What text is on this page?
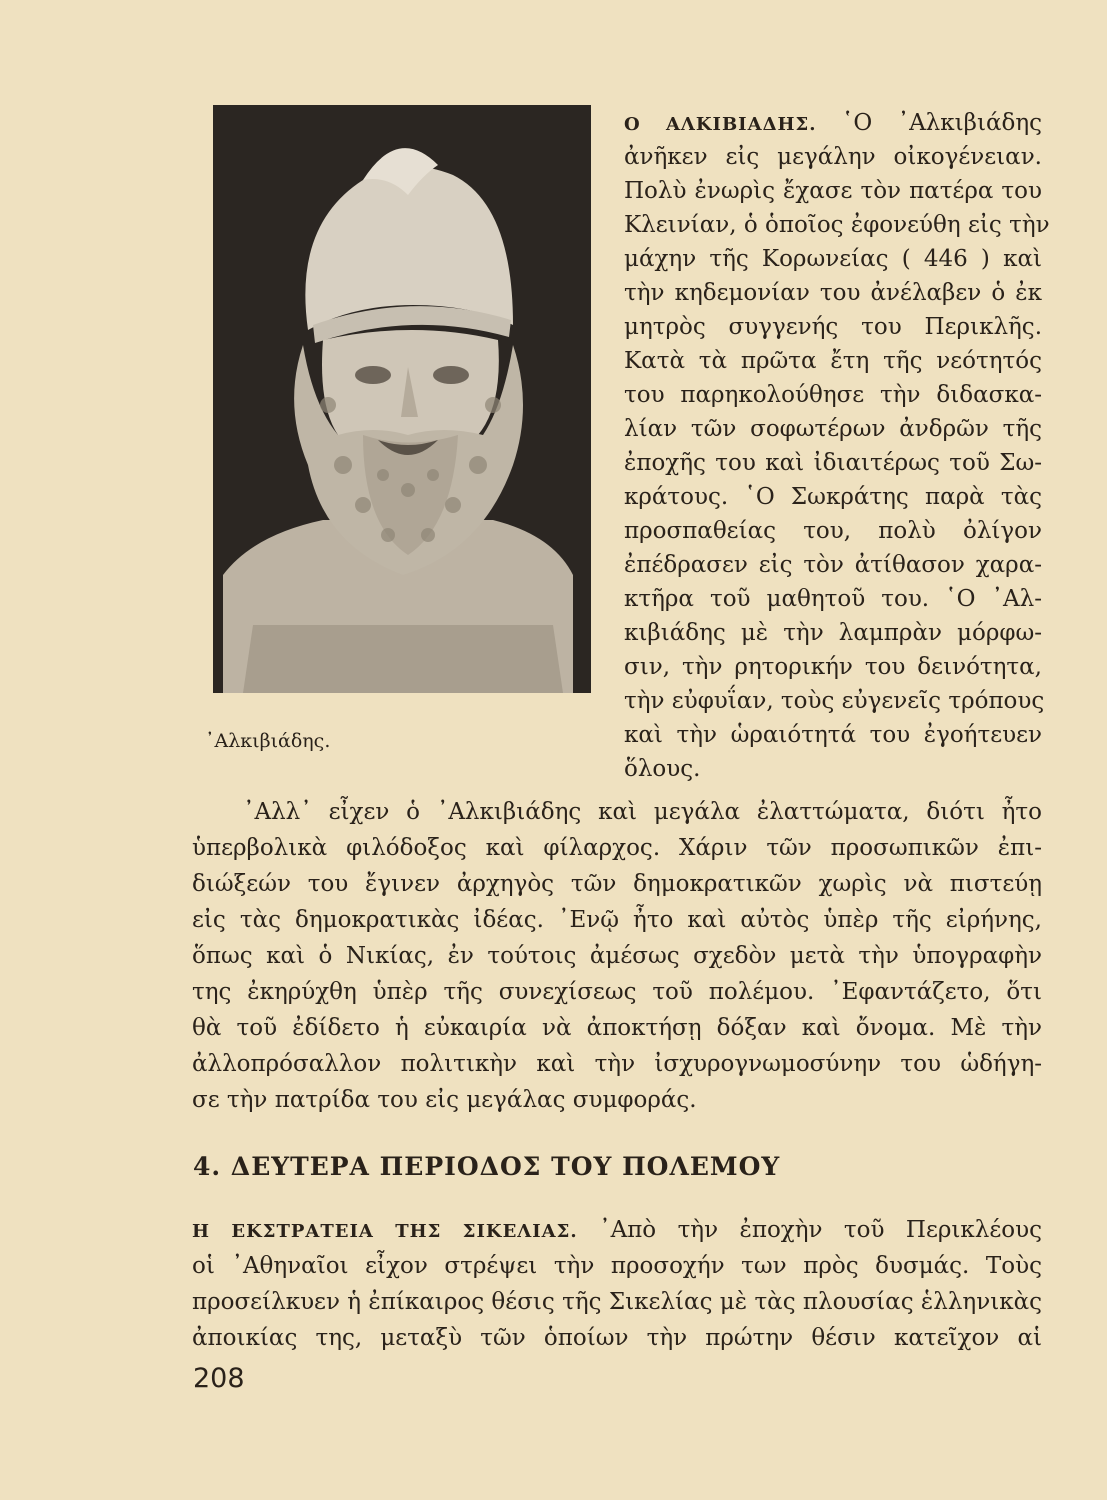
᾿Αλκιβιάδης.
Ο ΑΛΚΙΒΙΑΔΗΣ. ῾Ο ᾿Αλκιβιάδης
ἀνῆκεν εἰς μεγάλην οἰκογένειαν.
Πολὺ ἐνωρὶς ἔχασε τὸν πατέρα του
Κλεινίαν, ὁ ὁποῖος ἐφονεύθη εἰς τὴν
μάχην τῆς Κορωνείας ( 446 ) καὶ
τὴν κηδεμονίαν του ἀνέλαβεν ὁ ἐκ
μητρὸς συγγενής του Περικλῆς.
Κατὰ τὰ πρῶτα ἔτη τῆς νεότητός
του παρηκολούθησε τὴν διδασκα-
λίαν τῶν σοφωτέρων ἀνδρῶν τῆς
ἐποχῆς του καὶ ἰδιαιτέρως τοῦ Σω-
κράτους. ῾Ο Σωκράτης παρὰ τὰς
προσπαθείας του, πολὺ ὀλίγον
ἐπέδρασεν εἰς τὸν ἀτίθασον χαρα-
κτῆρα τοῦ μαθητοῦ του. ῾Ο ᾿Αλ-
κιβιάδης μὲ τὴν λαμπρὰν μόρφω-
σιν, τὴν ρητορικήν του δεινότητα,
τὴν εὐφυΐαν, τοὺς εὐγενεῖς τρόπους
καὶ τὴν ὡραιότητά του ἐγοήτευεν
ὅλους.
᾿Αλλ᾿ εἶχεν ὁ ᾿Αλκιβιάδης καὶ μεγάλα ἐλαττώματα, διότι ἦτο
ὑπερβολικὰ φιλόδοξος καὶ φίλαρχος. Χάριν τῶν προσωπικῶν ἐπι-
διώξεών του ἔγινεν ἀρχηγὸς τῶν δημοκρατικῶν χωρὶς νὰ πιστεύῃ
εἰς τὰς δημοκρατικὰς ἰδέας. ᾿Ενῷ ἦτο καὶ αὐτὸς ὑπὲρ τῆς εἰρήνης,
ὅπως καὶ ὁ Νικίας, ἐν τούτοις ἀμέσως σχεδὸν μετὰ τὴν ὑπογραφὴν
της ἐκηρύχθη ὑπὲρ τῆς συνεχίσεως τοῦ πολέμου. ᾿Εφαντάζετο, ὅτι
θὰ τοῦ ἐδίδετο ἡ εὐκαιρία νὰ ἀποκτήσῃ δόξαν καὶ ὄνομα. Μὲ τὴν
ἀλλοπρόσαλλον πολιτικὴν καὶ τὴν ἰσχυρογνωμοσύνην του ὡδήγη-
σε τὴν πατρίδα του εἰς μεγάλας συμφοράς.
4. ΔΕΥΤΕΡΑ ΠΕΡΙΟΔΟΣ ΤΟΥ ΠΟΛΕΜΟΥ
Η ΕΚΣΤΡΑΤΕΙΑ ΤΗΣ ΣΙΚΕΛΙΑΣ. ᾿Απὸ τὴν ἐποχὴν τοῦ Περικλέους
οἱ ᾿Αθηναῖοι εἶχον στρέψει τὴν προσοχήν των πρὸς δυσμάς. Τοὺς
προσείλκυεν ἡ ἐπίκαιρος θέσις τῆς Σικελίας μὲ τὰς πλουσίας ἑλληνικὰς
ἀποικίας της, μεταξὺ τῶν ὁποίων τὴν πρώτην θέσιν κατεῖχον αἱ
208
